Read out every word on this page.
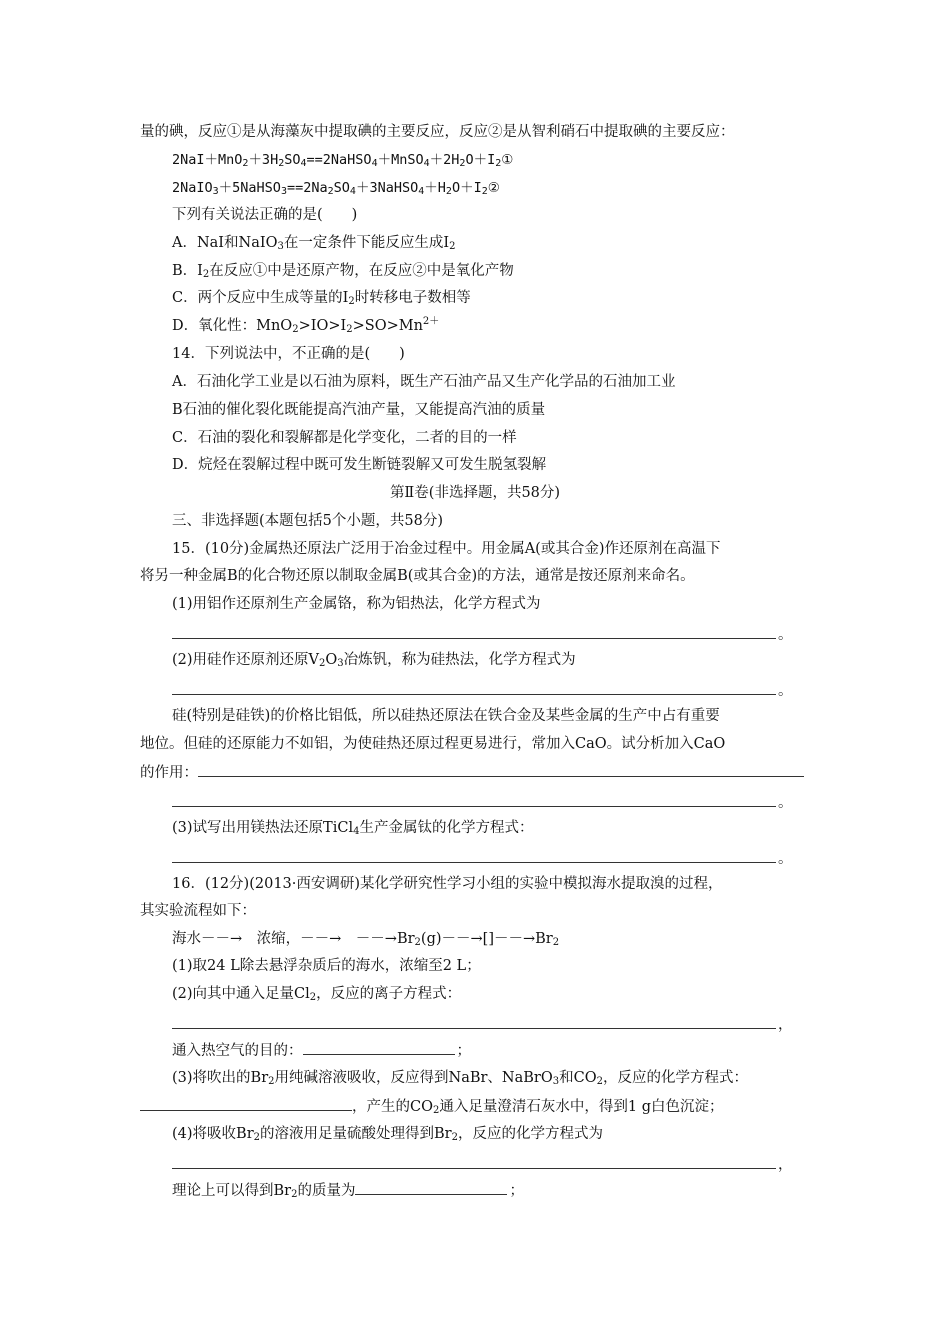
量的碘，反应①是从海藻灰中提取碘的主要反应，反应②是从智利硝石中提取碘的主要反应：
$2NaI+MnO_2+3H_2SO_4==2NaHSO_4+MnSO_4+2H_2O+I_2①$
$2NaIO_3+5NaHSO_3==2Na_2SO_4+3NaHSO_4+H_2O+I_2②$
下列有关说法正确的是(　　)
A．NaI和NaIO$_3$在一定条件下能反应生成$I_2$
B．$I_2$在反应①中是还原产物，在反应②中是氧化产物
C．两个反应中生成等量的$I_2$时转移电子数相等
D．氧化性：$MnO_2>IO>I_2>SO>Mn^{2+}$
14．下列说法中，不正确的是(　　)
A．石油化学工业是以石油为原料，既生产石油产品又生产化学品的石油加工业
B石油的催化裂化既能提高汽油产量，又能提高汽油的质量
C．石油的裂化和裂解都是化学变化，二者的目的一样
D．烷烃在裂解过程中既可发生断链裂解又可发生脱氢裂解
第Ⅱ卷(非选择题，共58分)
三、非选择题(本题包括5个小题，共58分)
15．(10分)金属热还原法广泛用于冶金过程中。用金属A(或其合金)作还原剂在高温下
将另一种金属B的化合物还原以制取金属B(或其合金)的方法，通常是按还原剂来命名。
(1)用铝作还原剂生产金属铬，称为铝热法，化学方程式为
。
(2)用硅作还原剂还原$V_2O_3$冶炼钒，称为硅热法，化学方程式为
。
硅(特别是硅铁)的价格比铝低，所以硅热还原法在铁合金及某些金属的生产中占有重要
地位。但硅的还原能力不如铝，为使硅热还原过程更易进行，常加入CaO。试分析加入CaO
的作用：
。
(3)试写出用镁热法还原TiCl$_4$生产金属钛的化学方程式：
。
16．(12分)(2013·西安调研)某化学研究性学习小组的实验中模拟海水提取溴的过程，
其实验流程如下：
海水－－→　浓缩，－－→　$--\to Br_2(g)--\to[]--\to Br_2$
(1)取24 L除去悬浮杂质后的海水，浓缩至2 L；
(2)向其中通入足量$Cl_2$，反应的离子方程式：
，
通入热空气的目的：	；
(3)将吹出的$Br_2$用纯碱溶液吸收，反应得到NaBr、NaBrO$_3$和$CO_2$，反应的化学方程式：
，产生的$CO_2$通入足量澄清石灰水中，得到1 g白色沉淀；
(4)将吸收$Br_2$的溶液用足量硫酸处理得到$Br_2$，反应的化学方程式为
，
理论上可以得到$Br_2$的质量为	；
